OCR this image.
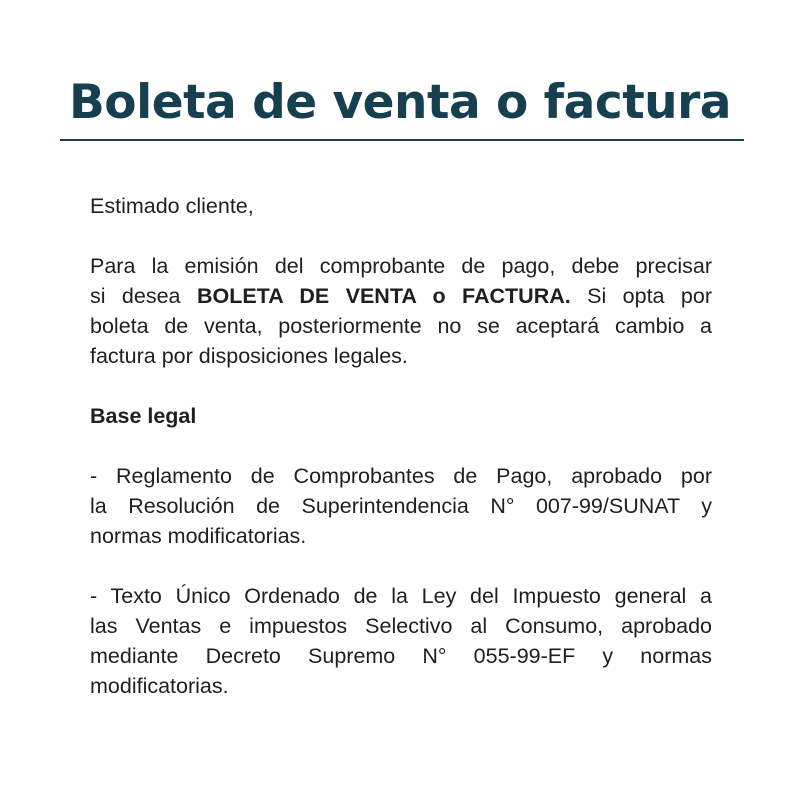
Boleta de venta o factura
Estimado cliente,
Para la emisión del comprobante de pago, debe precisar
si desea BOLETA DE VENTA o FACTURA. Si opta por
boleta de venta, posteriormente no se aceptará cambio a
factura por disposiciones legales.
Base legal
- Reglamento de Comprobantes de Pago, aprobado por
la Resolución de Superintendencia N° 007-99/SUNAT y
normas modificatorias.
- Texto Único Ordenado de la Ley del Impuesto general a
las Ventas e impuestos Selectivo al Consumo, aprobado
mediante Decreto Supremo N° 055-99-EF y normas
modificatorias.
